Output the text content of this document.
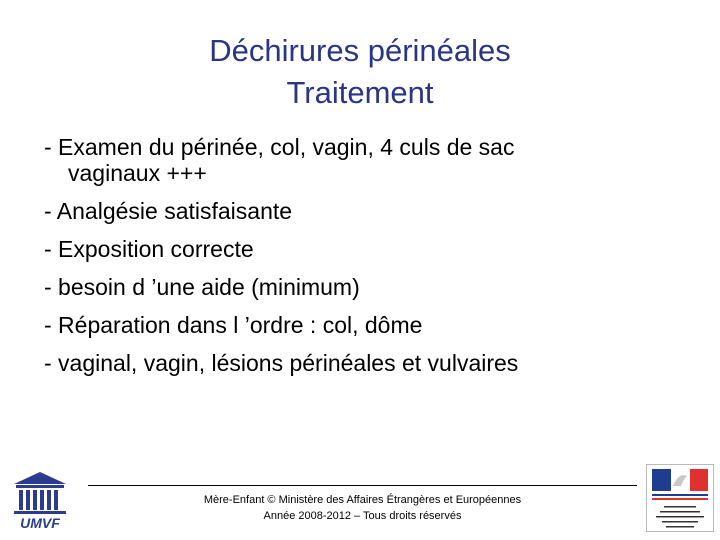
Déchirures périnéales
Traitement
- Examen du périnée, col, vagin, 4 culs de sac
vaginaux +++
- Analgésie satisfaisante
- Exposition correcte
- besoin d ’une aide (minimum)
- Réparation dans l ’ordre : col, dôme
- vaginal, vagin, lésions périnéales et vulvaires
UMVF
Mère-Enfant © Ministère des Affaires Étrangères et Européennes
Année 2008-2012 – Tous droits réservés
